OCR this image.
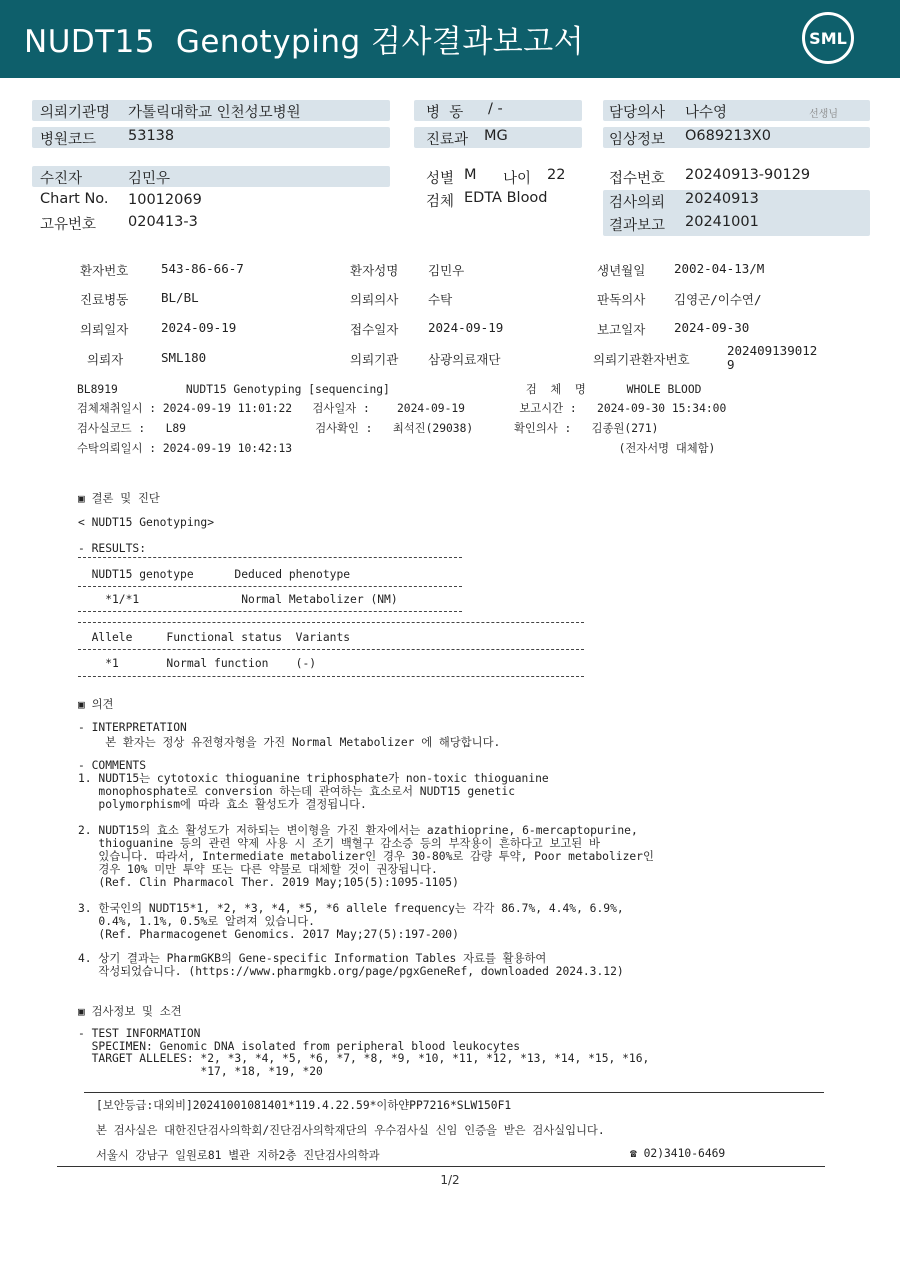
NUDT15  Genotyping 검사결과보고서	SML
의뢰기관명 가톨릭대학교 인천성모병원	병  동 / -	담당의사 나수영	선생님
병원코드 53138	진료과 MG	임상정보 O689213X0
수진자	김민우	성별 M 나이 22	접수번호 20240913-90129
Chart No. 10012069	검체 EDTA Blood	검사의뢰 20240913
고유번호 020413-3	결과보고 20241001
환자번호	543-86-66-7	환자성명 김민우	생년월일 2002-04-13/M
진료병동	BL/BL	의뢰의사 수탁	판독의사 김영곤/이수연/
의뢰일자	2024-09-19	접수일자 2024-09-19	보고일자 2024-09-30
의뢰자	SML180	의뢰기관 삼광의료재단	의뢰기관환자번호
202409139012
9
BL8919          NUDT15 Genotyping [sequencing]                    검  체  명      WHOLE BLOOD
검체채취일시 : 2024-09-19 11:01:22   검사일자 :    2024-09-19        보고시간 :   2024-09-30 15:34:00
검사실코드 :   L89                   검사확인 :   최석진(29038)      확인의사 :   김종원(271)
수탁의뢰일시 : 2024-09-19 10:42:13                                                (전자서명 대체함)
▣ 결론 및 진단
< NUDT15 Genotyping>
- RESULTS:
NUDT15 genotype      Deduced phenotype
*1/*1               Normal Metabolizer (NM)
Allele     Functional status  Variants
*1       Normal function    (-)
▣ 의견
- INTERPRETATION
본 환자는 정상 유전형자형을 가진 Normal Metabolizer 에 해당합니다.
- COMMENTS
1. NUDT15는 cytotoxic thioguanine triphosphate가 non-toxic thioguanine
monophosphate로 conversion 하는데 관여하는 효소로서 NUDT15 genetic
polymorphism에 따라 효소 활성도가 결정됩니다.
2. NUDT15의 효소 활성도가 저하되는 변이형을 가진 환자에서는 azathioprine, 6-mercaptopurine,
thioguanine 등의 관련 약제 사용 시 조기 백혈구 감소증 등의 부작용이 흔하다고 보고된 바
있습니다. 따라서, Intermediate metabolizer인 경우 30-80%로 감량 투약, Poor metabolizer인
경우 10% 미만 투약 또는 다른 약물로 대체할 것이 권장됩니다.
(Ref. Clin Pharmacol Ther. 2019 May;105(5):1095-1105)
3. 한국인의 NUDT15*1, *2, *3, *4, *5, *6 allele frequency는 각각 86.7%, 4.4%, 6.9%,
0.4%, 1.1%, 0.5%로 알려져 있습니다.
(Ref. Pharmacogenet Genomics. 2017 May;27(5):197-200)
4. 상기 결과는 PharmGKB의 Gene-specific Information Tables 자료를 활용하여
작성되었습니다. (https://www.pharmgkb.org/page/pgxGeneRef, downloaded 2024.3.12)
▣ 검사정보 및 소견
- TEST INFORMATION
SPECIMEN: Genomic DNA isolated from peripheral blood leukocytes
TARGET ALLELES: *2, *3, *4, *5, *6, *7, *8, *9, *10, *11, *12, *13, *14, *15, *16,
*17, *18, *19, *20
[보안등급:대외비]20241001081401*119.4.22.59*이하얀PP7216*SLW150F1
본 검사실은 대한진단검사의학회/진단검사의학재단의 우수검사실 신임 인증을 받은 검사실입니다.
서울시 강남구 일원로81 별관 지하2층 진단검사의학과	☎ 02)3410-6469
1/2
